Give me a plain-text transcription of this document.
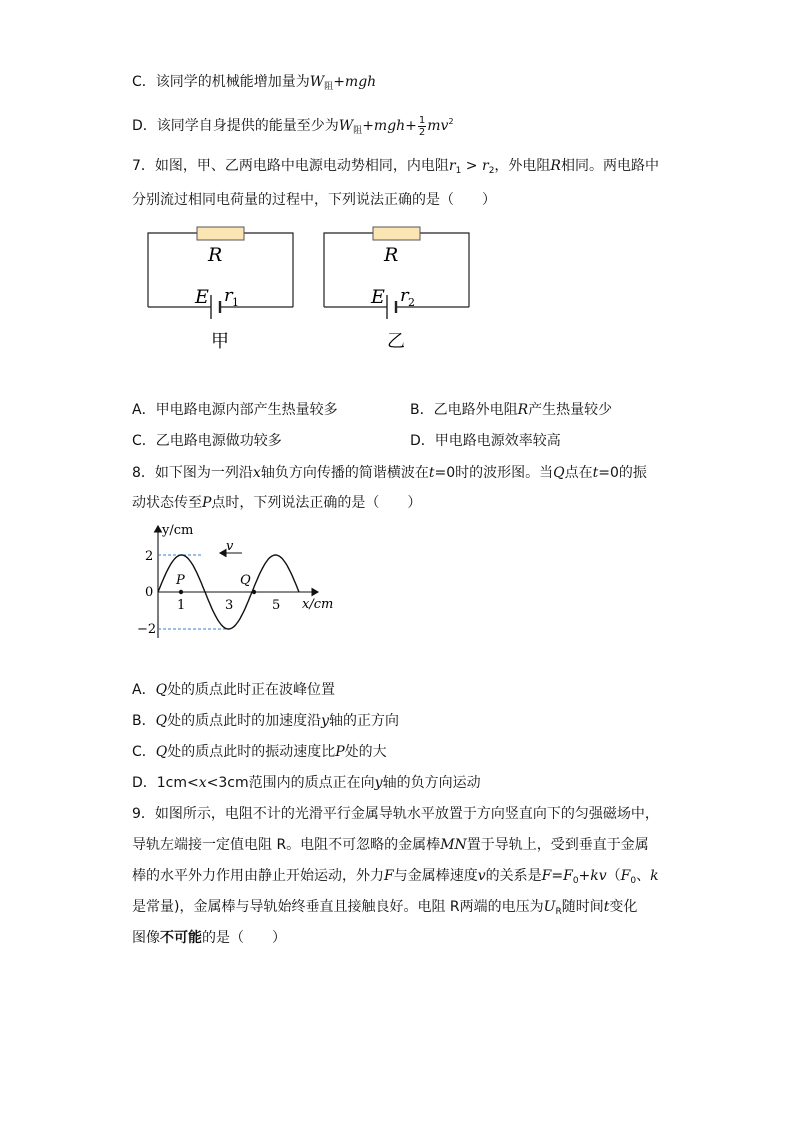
C．该同学的机械能增加量为$W_阻+mgh$
D．该同学自身提供的能量至少为$W_阻+mgh+ \frac{1}{2} mv^2$
7．如图，甲、乙两电路中电源电动势相同，内电阻$r_1 > r_2$，外电阻R相同。两电路中
分别流过相同电荷量的过程中，下列说法正确的是（　　）
R
E r 1
甲
R
E r 2
乙
A．甲电路电源内部产生热量较多	B．乙电路外电阻R产生热量较少
C．乙电路电源做功较多	D．甲电路电源效率较高
8．如下图为一列沿x轴负方向传播的简谐横波在t=0时的波形图。当Q点在t=0的振
动状态传至P点时，下列说法正确的是（　　）
v
P	Q
y/cm
x/cm
2
0
−2
1	3	5
A．Q处的质点此时正在波峰位置
B．Q处的质点此时的加速度沿y轴的正方向
C．Q处的质点此时的振动速度比P处的大
D．1cm<x<3cm范围内的质点正在向y轴的负方向运动
9．如图所示，电阻不计的光滑平行金属导轨水平放置于方向竖直向下的匀强磁场中，
导轨左端接一定值电阻 R。电阻不可忽略的金属棒MN置于导轨上，受到垂直于金属
棒的水平外力作用由静止开始运动，外力F与金属棒速度v的关系是$F=F_0+kv(F_0$、k
是常量)，金属棒与导轨始终垂直且接触良好。电阻 R两端的电压为$U_R$随时间t变化
图像不可能的是（　　）
